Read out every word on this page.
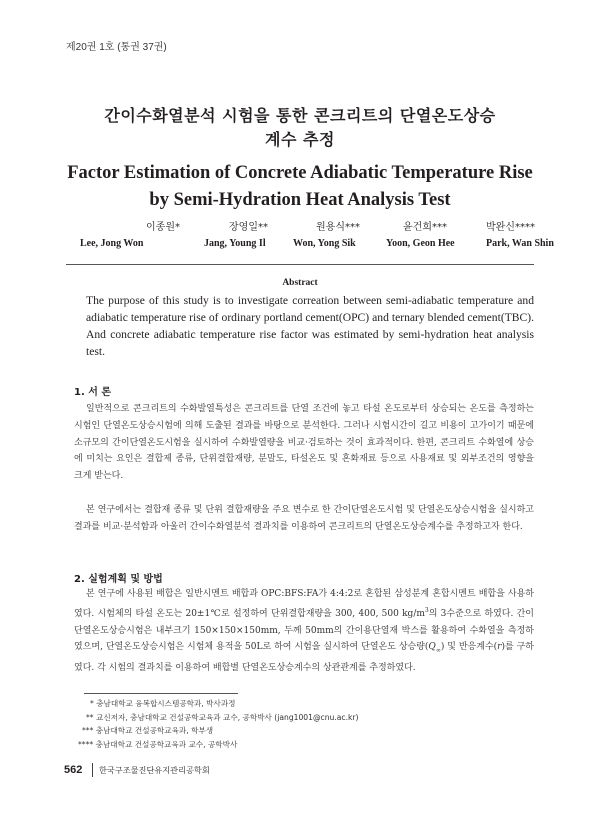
제20권 1호 (통권 37권)
간이수화열분석 시험을 통한 콘크리트의 단열온도상승
계수 추정
Factor Estimation of Concrete Adiabatic Temperature Rise
by Semi-Hydration Heat Analysis Test
이종원*	장영일**	원용식***	윤건희***	박완신****
Lee, Jong Won	Jang, Young Il	Won, Yong Sik	Yoon, Geon Hee	Park, Wan Shin
Abstract
The purpose of this study is to investigate correation between semi-adiabatic temperature and adiabatic temperature rise of ordinary portland cement(OPC) and ternary blended cement(TBC). And concrete adiabatic temperature rise factor was estimated by semi-hydration heat analysis test.
1. 서 론
일반적으로 콘크리트의 수화발열특성은 콘크리트를 단열 조건에 놓고 타설 온도로부터 상승되는 온도를 측정하는 시험인 단열온도상승시험에 의해 도출된 결과를 바탕으로 분석한다. 그러나 시험시간이 길고 비용이 고가이기 때문에 소규모의 간이단열온도시험을 실시하여 수화발열량을 비교·검토하는 것이 효과적이다. 한편, 콘크리트 수화열에 상승에 미치는 요인은 결합제 종류, 단위결합재량, 분말도, 타설온도 및 혼화재료 등으로 사용재료 및 외부조건의 영향을 크게 받는다.
본 연구에서는 결합재 종류 및 단위 결합재량을 주요 변수로 한 간이단열온도시험 및 단열온도상승시험을 실시하고 결과를 비교·분석함과 아울러 간이수화열분석 결과치를 이용하여 콘크리트의 단열온도상승계수를 추정하고자 한다.
2. 실험계획 및 방법
본 연구에 사용된 배합은 일반시멘트 배합과 OPC:BFS:FA가 4:4:2로 혼합된 삼성분계 혼합시멘트 배합을 사용하였다. 시험체의 타설 온도는 20±1℃로 설정하여 단위결합재량을 300, 400, 500 $kg/m^3$의 3수준으로 하였다. 간이단열온도상승시험은 내부크기 150×150×150mm, 두께 50mm의 간이용단열재 박스를 활용하여 수화열을 측정하였으며, 단열온도상승시험은 시험체 용적을 50L로 하여 시험을 실시하여 단열온도 상승량$(Q_\infty)$ 및 반응계수(r)를 구하였다. 각 시험의 결과치를 이용하여 배합별 단열온도상승계수의 상관관계를 추정하였다.
* 충남대학교 융복합시스템공학과, 박사과정
** 교신저자, 충남대학교 건설공학교육과 교수, 공학박사 (jang1001@cnu.ac.kr)
*** 충남대학교 건설공학교육과, 학부생
**** 충남대학교 건설공학교육과 교수, 공학박사
562 한국구조물진단유지관리공학회
